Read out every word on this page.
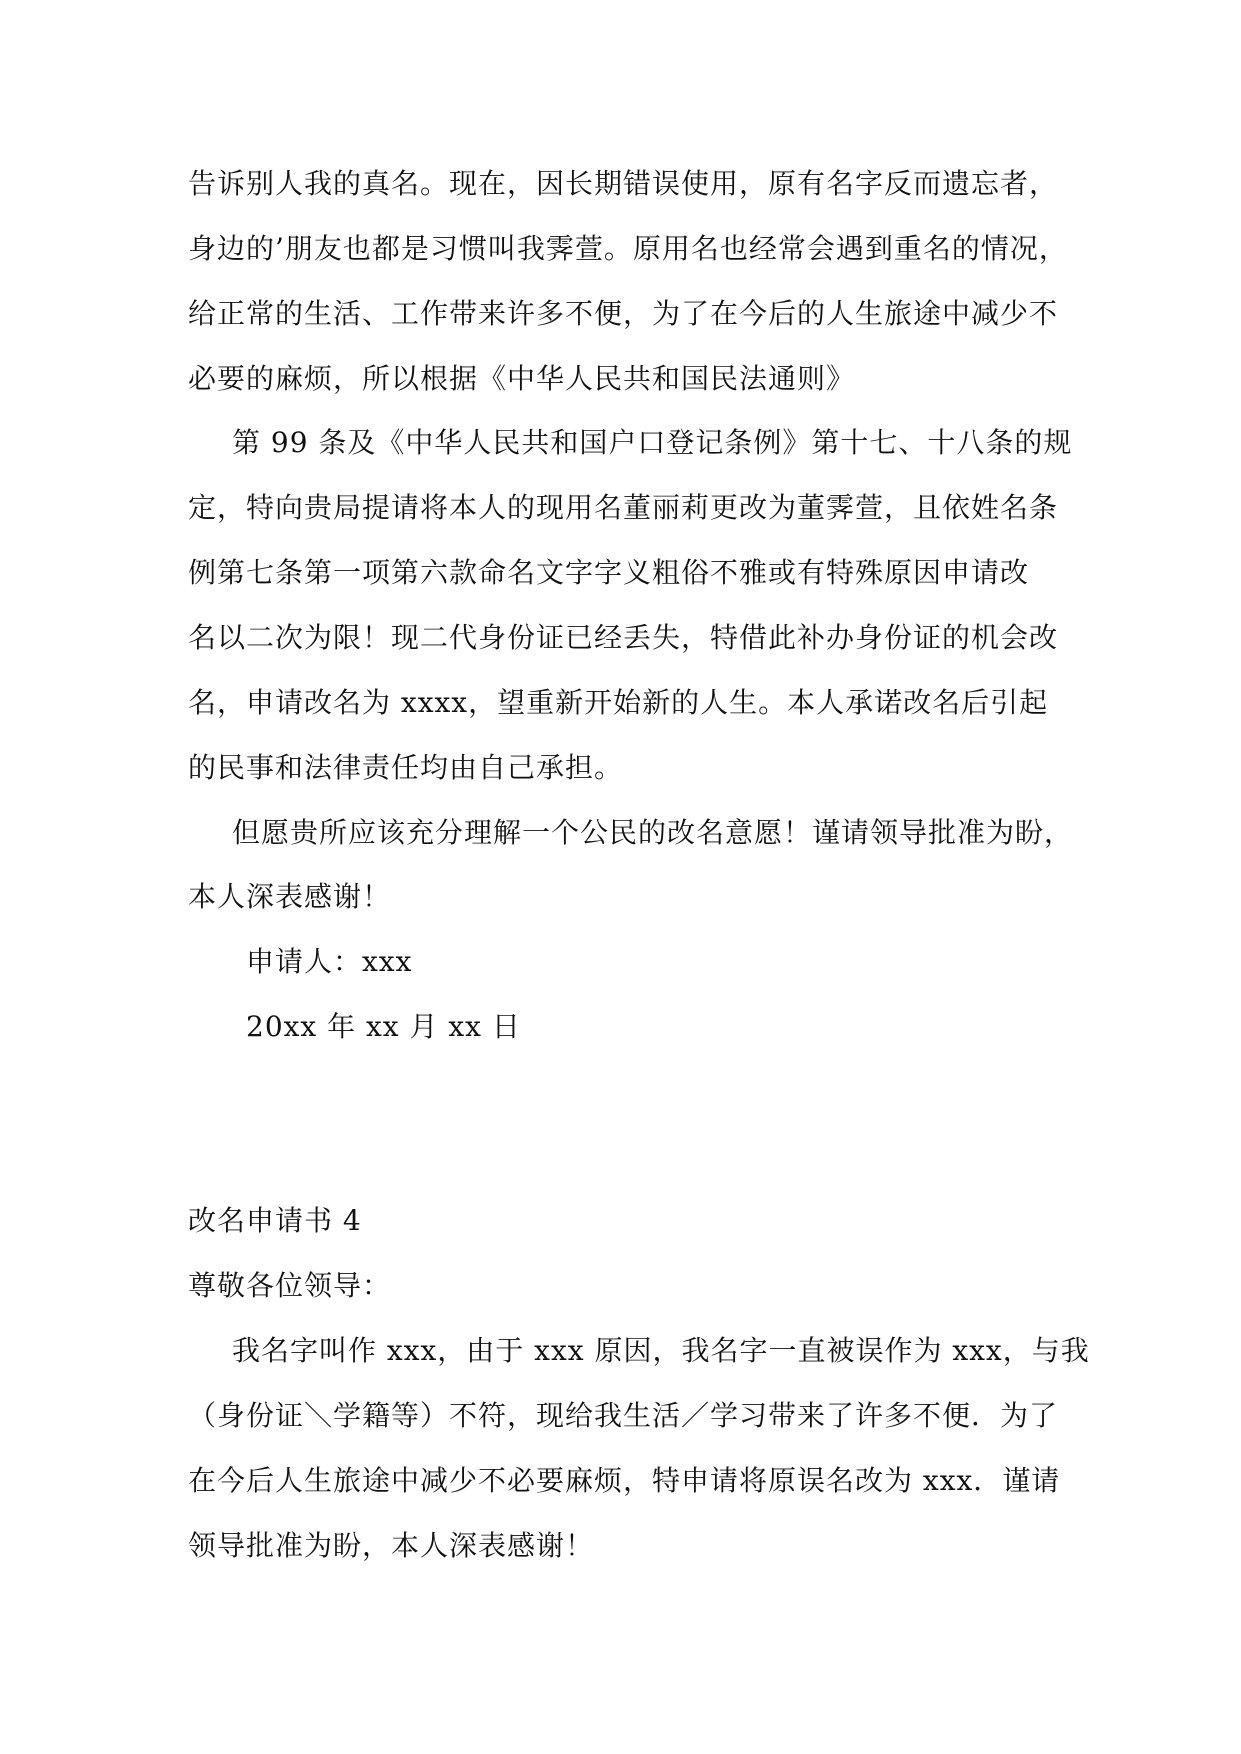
告诉别人我的真名。现在，因长期错误使用，原有名字反而遗忘者，
身边的’朋友也都是习惯叫我霁萱。原用名也经常会遇到重名的情况，
给正常的生活、工作带来许多不便，为了在今后的人生旅途中减少不
必要的麻烦，所以根据《中华人民共和国民法通则》
第 99 条及《中华人民共和国户口登记条例》第十七、十八条的规
定，特向贵局提请将本人的现用名董丽莉更改为董霁萱，且依姓名条
例第七条第一项第六款命名文字字义粗俗不雅或有特殊原因申请改
名以二次为限！现二代身份证已经丢失，特借此补办身份证的机会改
名，申请改名为 xxxx，望重新开始新的人生。本人承诺改名后引起
的民事和法律责任均由自己承担。
但愿贵所应该充分理解一个公民的改名意愿！谨请领导批准为盼，
本人深表感谢！
申请人：xxx
20xx 年 xx 月 xx 日
改名申请书 4
尊敬各位领导：
我名字叫作 xxx，由于 xxx 原因，我名字一直被误作为 xxx，与我
（身份证＼学籍等）不符，现给我生活／学习带来了许多不便．为了
在今后人生旅途中减少不必要麻烦，特申请将原误名改为 xxx．谨请
领导批准为盼，本人深表感谢！
